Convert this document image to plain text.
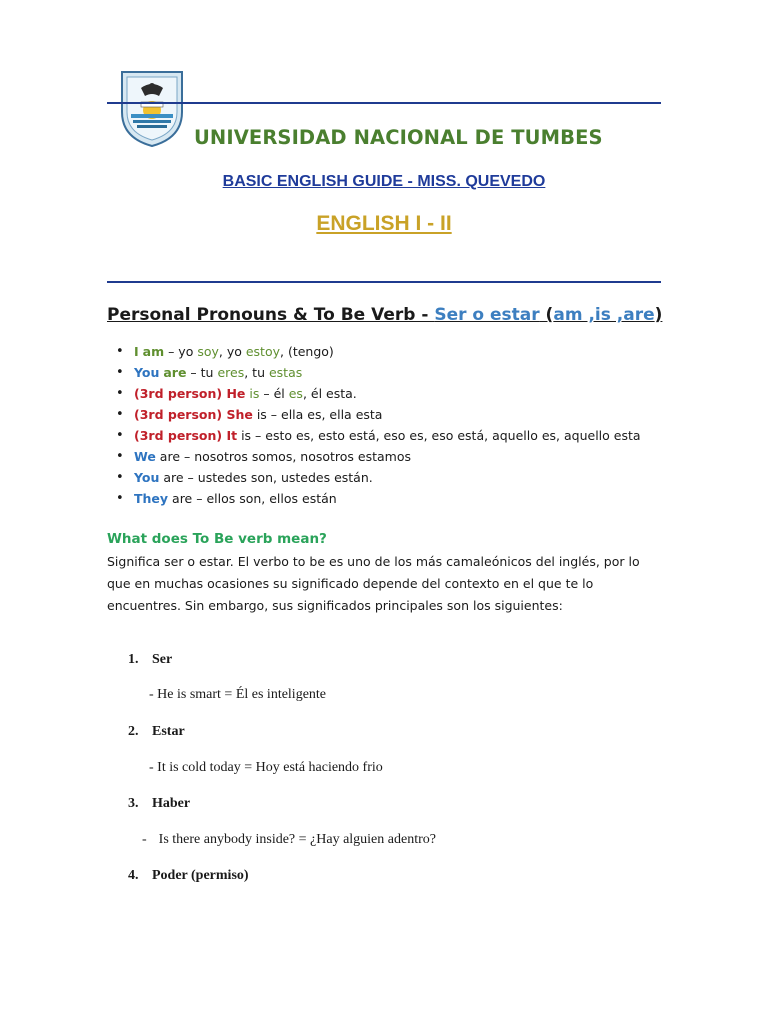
UNIVERSIDAD NACIONAL DE TUMBES
BASIC ENGLISH GUIDE - MISS. QUEVEDO
ENGLISH I - II
Personal Pronouns & To Be Verb - Ser o estar (am ,is ,are)
• I am – yo soy, yo estoy, (tengo)
• You are – tu eres, tu estas
• (3rd person) He is – él es, él esta.
• (3rd person) She is – ella es, ella esta
• (3rd person) It is – esto es, esto está, eso es, eso está, aquello es, aquello esta
• We are – nosotros somos, nosotros estamos
• You are – ustedes son, ustedes están.
• They are – ellos son, ellos están
What does To Be verb mean?
Significa ser o estar. El verbo to be es uno de los más camaleónicos del inglés, por lo que en muchas ocasiones su significado depende del contexto en el que te lo encuentres. Sin embargo, sus significados principales son los siguientes:
1. Ser
- He is smart = Él es inteligente
2. Estar
- It is cold today = Hoy está haciendo frio
3. Haber
- Is there anybody inside? = ¿Hay alguien adentro?
4. Poder (permiso)
